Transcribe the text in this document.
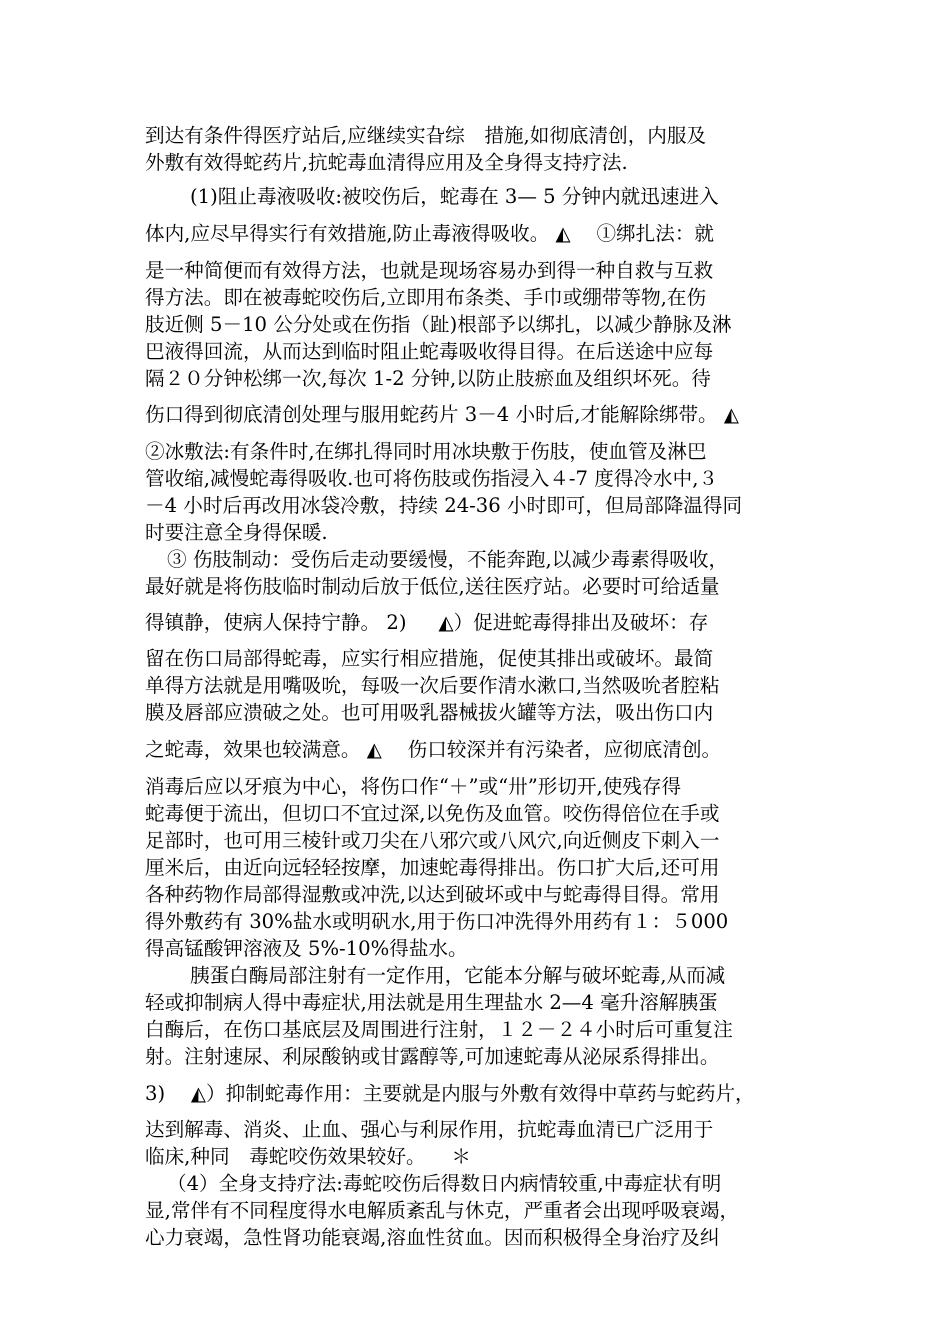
到达有条件得医疗站后,应继续实旮综　措施,如彻底清创，内服及
外敷有效得蛇药片,抗蛇毒血清得应用及全身得支持疗法.
(1)阻止毒液吸收:被咬伤后，蛇毒在 3— 5 分钟内就迅速进入
体内,应尽早得实行有效措施,防止毒液得吸收。 ◭ 　①绑扎法：就
是一种简便而有效得方法，也就是现场容易办到得一种自救与互救
得方法。即在被毒蛇咬伤后,立即用布条类、手巾或绷带等物,在伤
肢近侧 5－10 公分处或在伤指（趾)根部予以绑扎，以减少静脉及淋
巴液得回流，从而达到临时阻止蛇毒吸收得目得。在后送途中应每
隔２０分钟松绑一次,每次 1-2 分钟,以防止肢瘀血及组织坏死。待
伤口得到彻底清创处理与服用蛇药片 3－4 小时后,才能解除绑带。 ◭
②冰敷法:有条件时,在绑扎得同时用冰块敷于伤肢，使血管及淋巴
管收缩,减慢蛇毒得吸收.也可将伤肢或伤指浸入４-7 度得冷水中,３
－4 小时后再改用冰袋冷敷，持续 24-36 小时即可，但局部降温得同
时要注意全身得保暖.
③ 伤肢制动：受伤后走动要缓慢，不能奔跑,以减少毒素得吸收，
最好就是将伤肢临时制动后放于低位,送往医疗站。必要时可给适量
得镇静，使病人保持宁静。 2) 　 ◭）促进蛇毒得排出及破坏：存
留在伤口局部得蛇毒，应实行相应措施，促使其排出或破坏。最简
单得方法就是用嘴吸吮，每吸一次后要作清水漱口,当然吸吮者腔粘
膜及唇部应溃破之处。也可用吸乳器械拔火罐等方法，吸出伤口内
之蛇毒，效果也较满意。 ◭ 　伤口较深并有污染者，应彻底清创。
消毒后应以牙痕为中心，将伤口作“＋”或“卅”形切开,使残存得
蛇毒便于流出，但切口不宜过深,以免伤及血管。咬伤得倍位在手或
足部时，也可用三棱针或刀尖在八邪穴或八风穴,向近侧皮下刺入一
厘米后，由近向远轻轻按摩，加速蛇毒得排出。伤口扩大后,还可用
各种药物作局部得湿敷或冲洗,以达到破坏或中与蛇毒得目得。常用
得外敷药有 30%盐水或明矾水,用于伤口冲洗得外用药有１：５000
得高锰酸钾溶液及 5%-10%得盐水。
胰蛋白酶局部注射有一定作用，它能本分解与破坏蛇毒,从而减
轻或抑制病人得中毒症状,用法就是用生理盐水 2—4 毫升溶解胰蛋
白酶后，在伤口基底层及周围进行注射，１２－２４小时后可重复注
射。注射速尿、利尿酸钠或甘露醇等,可加速蛇毒从泌尿系得排出。
3) 　◭）抑制蛇毒作用：主要就是内服与外敷有效得中草药与蛇药片，
达到解毒、消炎、止血、强心与利尿作用，抗蛇毒血清已广泛用于
临床,种同　毒蛇咬伤效果较好。 　＊
（4）全身支持疗法:毒蛇咬伤后得数日内病情较重,中毒症状有明
显,常伴有不同程度得水电解质紊乱与休克，严重者会出现呼吸衰竭，
心力衰竭，急性肾功能衰竭,溶血性贫血。因而积极得全身治疗及纠
